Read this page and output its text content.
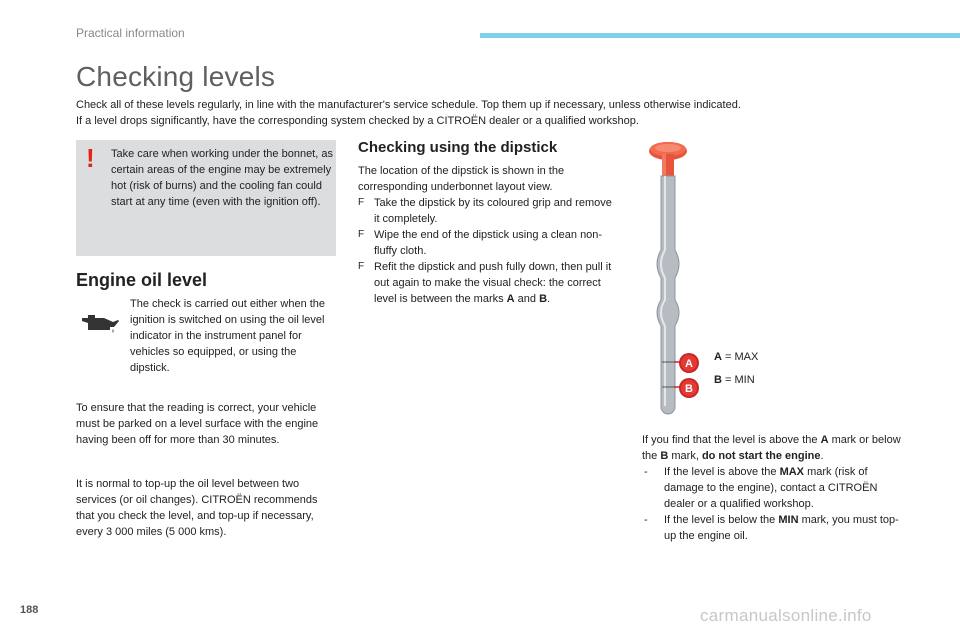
Practical information
Checking levels

Check all of these levels regularly, in line with the manufacturer's service schedule. Top them up if necessary, unless otherwise indicated.

If a level drops significantly, have the corresponding system checked by a CITROËN dealer or a qualified workshop.

! Take care when working under the bonnet, as certain areas of the engine may be extremely hot (risk of burns) and the cooling fan could start at any time (even with the ignition off).
Engine oil level
The check is carried out either when the ignition is switched on using the oil level indicator in the instrument panel for vehicles so equipped, or using the dipstick.

To ensure that the reading is correct, your vehicle must be parked on a level surface with the engine having been off for more than 30 minutes.

It is normal to top-up the oil level between two services (or oil changes). CITROËN recommends that you check the level, and top-up if necessary, every 3 000 miles (5 000 kms).

Checking using the dipstick
The location of the dipstick is shown in the corresponding underbonnet layout view.
F Take the dipstick by its coloured grip and remove it completely.
F Wipe the end of the dipstick using a clean non-fluffy cloth.
F Refit the dipstick and push fully down, then pull it out again to make the visual check: the correct level is between the marks A and B.
A
B
A = MAX
B = MIN

If you find that the level is above the A mark or below the B mark, do not start the engine.

- If the level is above the MAX mark (risk of damage to the engine), contact a CITROËN dealer or a qualified workshop.
- If the level is below the MIN mark, you must top-up the engine oil.
188	carmanualsonline.info
